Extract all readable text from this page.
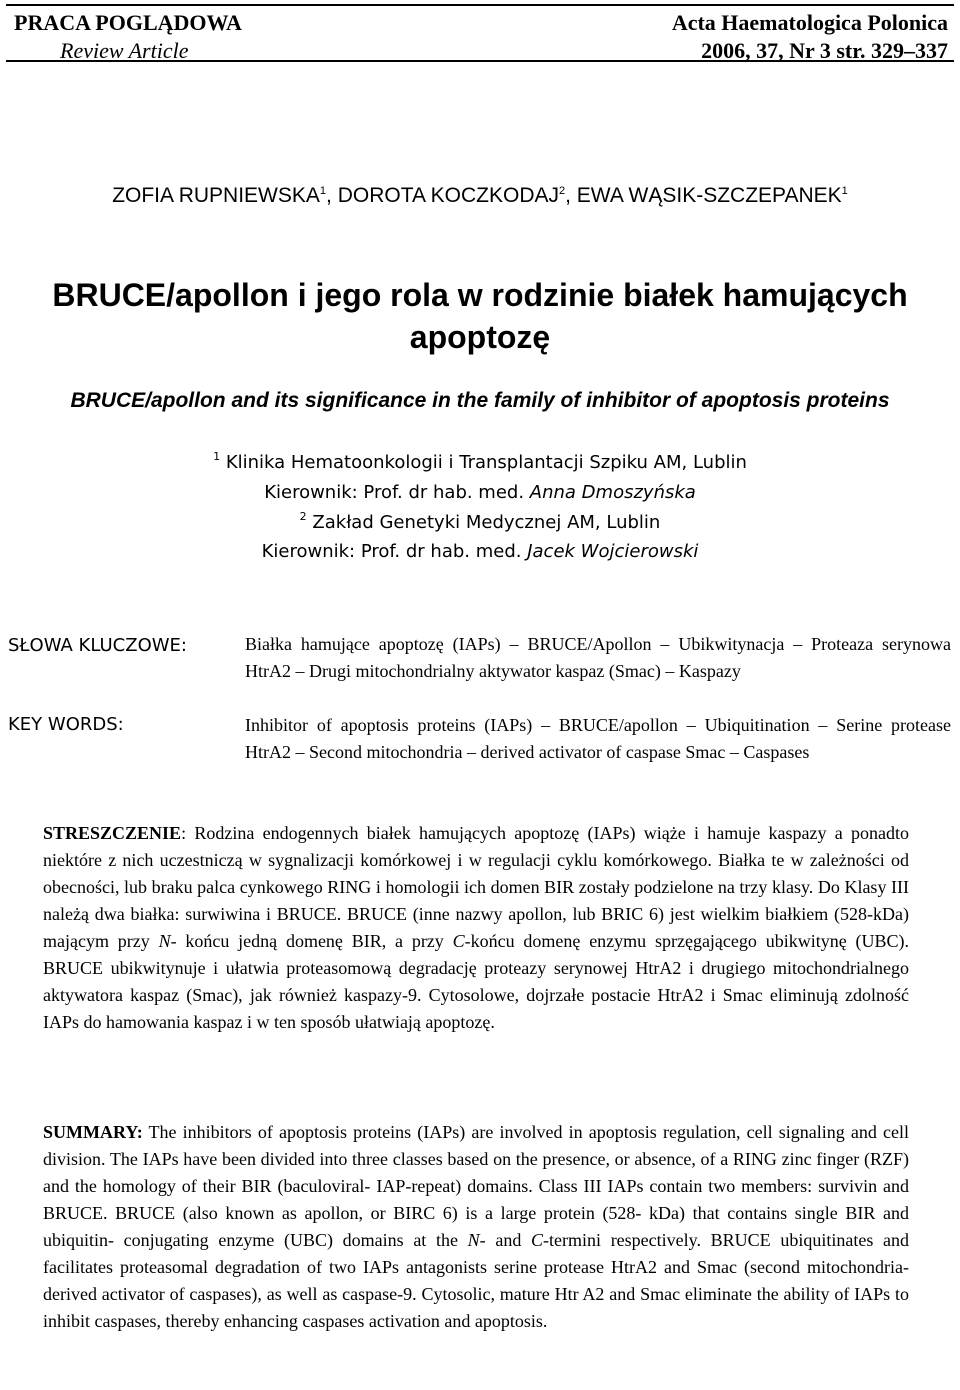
PRACA POGLĄDOWA
Review Article
Acta Haematologica Polonica
2006, 37, Nr 3 str. 329–337
ZOFIA RUPNIEWSKA$^1$, DOROTA KOCZKODAJ$^2$, EWA WĄSIK-SZCZEPANEK$^1$
BRUCE/apollon i jego rola w rodzinie białek hamujących
apoptozę
BRUCE/apollon and its significance in the family of inhibitor of apoptosis proteins
$^1$ Klinika Hematoonkologii i Transplantacji Szpiku AM, Lublin
Kierownik: Prof. dr hab. med. Anna Dmoszyńska
$^2$ Zakład Genetyki Medycznej AM, Lublin
Kierownik: Prof. dr hab. med. Jacek Wojcierowski
SŁOWA KLUCZOWE:	Białka hamujące apoptozę (IAPs) – BRUCE/Apollon – Ubikwitynacja – Proteaza serynowa HtrA2 – Drugi mitochondrialny aktywator kaspaz (Smac) – Kaspazy
KEY WORDS:	Inhibitor of apoptosis proteins (IAPs) – BRUCE/apollon – Ubiquitination – Serine protease HtrA2 – Second mitochondria – derived activator of caspase Smac – Caspases
STRESZCZENIE: Rodzina endogennych białek hamujących apoptozę (IAPs) wiąże i hamuje kaspazy a ponadto niektóre z nich uczestniczą w sygnalizacji komórkowej i w regulacji cyklu komórkowego. Białka te w zależności od obecności, lub braku palca cynkowego RING i homologii ich domen BIR zostały podzielone na trzy klasy. Do Klasy III należą dwa białka: surwiwina i BRUCE. BRUCE (inne nazwy apollon, lub BRIC 6) jest wielkim białkiem (528-kDa) mającym przy N- końcu jedną domenę BIR, a przy C-końcu domenę enzymu sprzęgającego ubikwitynę (UBC). BRUCE ubikwitynuje i ułatwia proteasomową degradację proteazy serynowej HtrA2 i drugiego mitochondrialnego aktywatora kaspaz (Smac), jak również kaspazy-9. Cytosolowe, dojrzałe postacie HtrA2 i Smac eliminują zdolność IAPs do hamowania kaspaz i w ten sposób ułatwiają apoptozę.
SUMMARY: The inhibitors of apoptosis proteins (IAPs) are involved in apoptosis regulation, cell signaling and cell division. The IAPs have been divided into three classes based on the presence, or absence, of a RING zinc finger (RZF) and the homology of their BIR (baculoviral- IAP-repeat) domains. Class III IAPs contain two members: survivin and BRUCE. BRUCE (also known as apollon, or BIRC 6) is a large protein (528- kDa) that contains single BIR and ubiquitin- conjugating enzyme (UBC) domains at the N- and C-termini respectively. BRUCE ubiquitinates and facilitates proteasomal degradation of two IAPs antagonists serine protease HtrA2 and Smac (second mitochondria- derived activator of caspases), as well as caspase-9. Cytosolic, mature Htr A2 and Smac eliminate the ability of IAPs to inhibit caspases, thereby enhancing caspases activation and apoptosis.
